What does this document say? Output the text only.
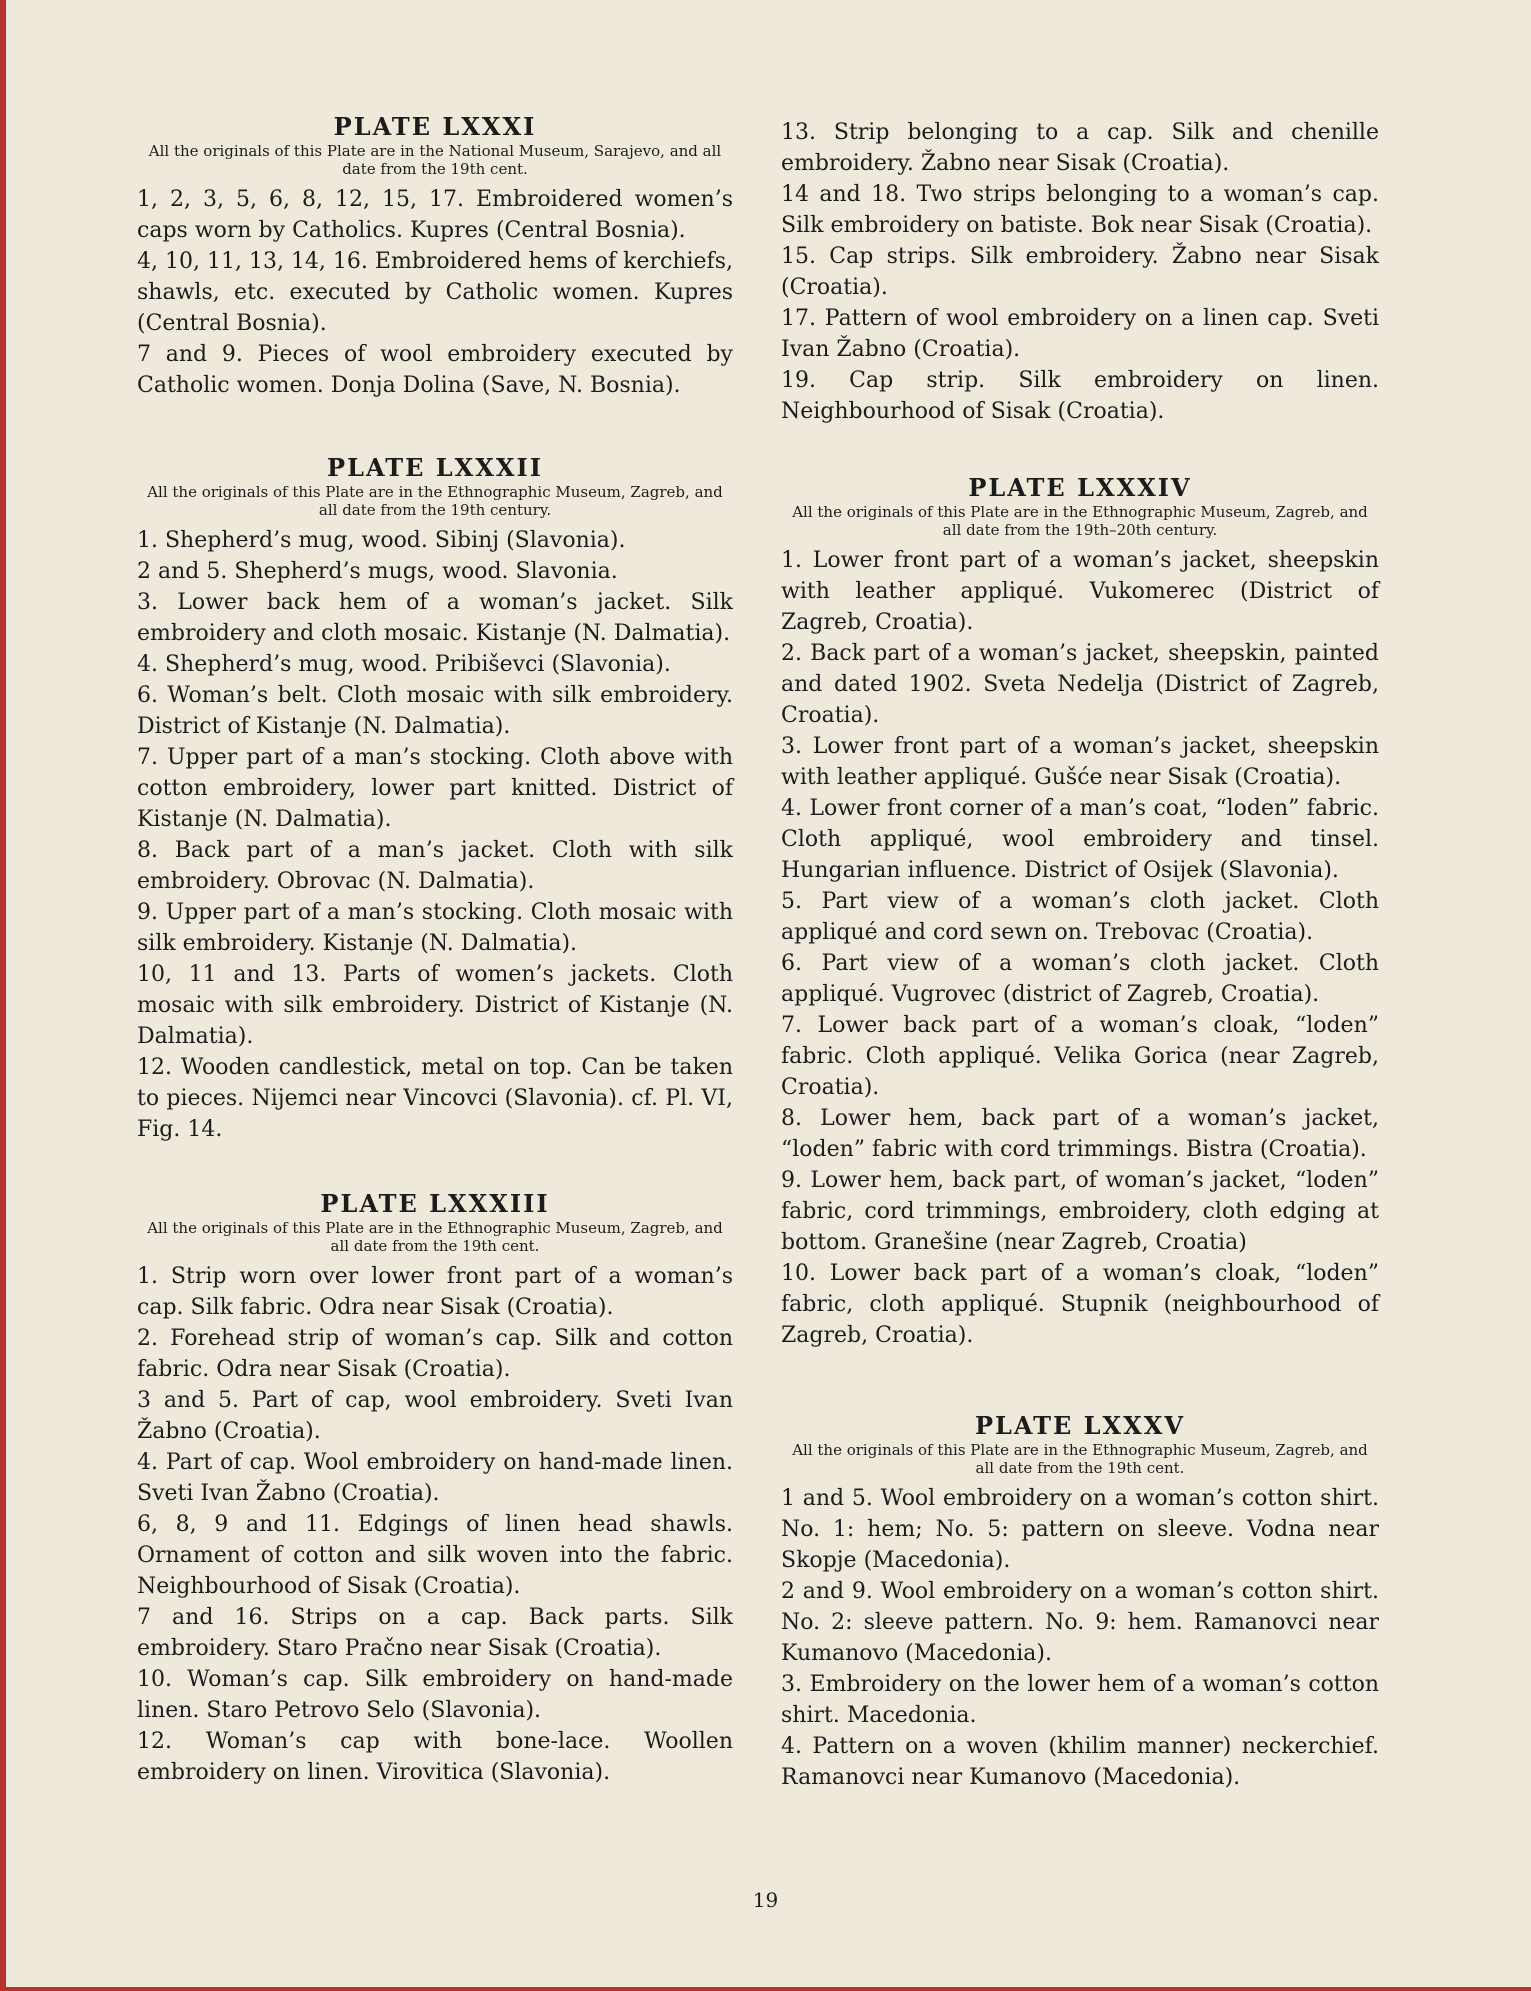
PLATE LXXXI

All the originals of this Plate are in the National Museum, Sarajevo, and all date from the 19th cent.

1, 2, 3, 5, 6, 8, 12, 15, 17. Embroidered women’s caps worn by Catholics. Kupres (Central Bosnia).

4, 10, 11, 13, 14, 16. Embroidered hems of kerchiefs, shawls, etc. executed by Catholic women. Kupres (Central Bosnia).

7 and 9. Pieces of wool embroidery executed by Catholic women. Donja Dolina (Save, N. Bosnia).

PLATE LXXXII

All the originals of this Plate are in the Ethnographic Museum, Zagreb, and all date from the 19th century.

1. Shepherd’s mug, wood. Sibinj (Slavonia).

2 and 5. Shepherd’s mugs, wood. Slavonia.

3. Lower back hem of a woman’s jacket. Silk embroidery and cloth mosaic. Kistanje (N. Dalmatia).

4. Shepherd’s mug, wood. Pribiševci (Slavonia).

6. Woman’s belt. Cloth mosaic with silk embroidery. District of Kistanje (N. Dalmatia).

7. Upper part of a man’s stocking. Cloth above with cotton embroidery, lower part knitted. District of Kistanje (N. Dalmatia).

8. Back part of a man’s jacket. Cloth with silk embroidery. Obrovac (N. Dalmatia).

9. Upper part of a man’s stocking. Cloth mosaic with silk embroidery. Kistanje (N. Dalmatia).

10, 11 and 13. Parts of women’s jackets. Cloth mosaic with silk embroidery. District of Kistanje (N. Dalmatia).

12. Wooden candlestick, metal on top. Can be taken to pieces. Nijemci near Vincovci (Slavonia). cf. Pl. VI, Fig. 14.

PLATE LXXXIII

All the originals of this Plate are in the Ethnographic Museum, Zagreb, and all date from the 19th cent.

1. Strip worn over lower front part of a woman’s cap. Silk fabric. Odra near Sisak (Croatia).

2. Forehead strip of woman’s cap. Silk and cotton fabric. Odra near Sisak (Croatia).

3 and 5. Part of cap, wool embroidery. Sveti Ivan Žabno (Croatia).

4. Part of cap. Wool embroidery on hand-made linen. Sveti Ivan Žabno (Croatia).

6, 8, 9 and 11. Edgings of linen head shawls. Ornament of cotton and silk woven into the fabric. Neighbourhood of Sisak (Croatia).

7 and 16. Strips on a cap. Back parts. Silk embroidery. Staro Pračno near Sisak (Croatia).

10. Woman’s cap. Silk embroidery on hand-made linen. Staro Petrovo Selo (Slavonia).

12. Woman’s cap with bone-lace. Woollen embroidery on linen. Virovitica (Slavonia).

13. Strip belonging to a cap. Silk and chenille embroidery. Žabno near Sisak (Croatia).

14 and 18. Two strips belonging to a woman’s cap. Silk embroidery on batiste. Bok near Sisak (Croatia).

15. Cap strips. Silk embroidery. Žabno near Sisak (Croatia).

17. Pattern of wool embroidery on a linen cap. Sveti Ivan Žabno (Croatia).

19. Cap strip. Silk embroidery on linen. Neighbourhood of Sisak (Croatia).

PLATE LXXXIV

All the originals of this Plate are in the Ethnographic Museum, Zagreb, and all date from the 19th–20th century.

1. Lower front part of a woman’s jacket, sheepskin with leather appliqué. Vukomerec (District of Zagreb, Croatia).

2. Back part of a woman’s jacket, sheepskin, painted and dated 1902. Sveta Nedelja (District of Zagreb, Croatia).

3. Lower front part of a woman’s jacket, sheepskin with leather appliqué. Gušće near Sisak (Croatia).

4. Lower front corner of a man’s coat, “loden” fabric. Cloth appliqué, wool embroidery and tinsel. Hungarian influence. District of Osijek (Slavonia).

5. Part view of a woman’s cloth jacket. Cloth appliqué and cord sewn on. Trebovac (Croatia).

6. Part view of a woman’s cloth jacket. Cloth appliqué. Vugrovec (district of Zagreb, Croatia).

7. Lower back part of a woman’s cloak, “loden” fabric. Cloth appliqué. Velika Gorica (near Zagreb, Croatia).

8. Lower hem, back part of a woman’s jacket, “loden” fabric with cord trimmings. Bistra (Croatia).

9. Lower hem, back part, of woman’s jacket, “loden” fabric, cord trimmings, embroidery, cloth edging at bottom. Granešine (near Zagreb, Croatia)

10. Lower back part of a woman’s cloak, “loden” fabric, cloth appliqué. Stupnik (neighbourhood of Zagreb, Croatia).

PLATE LXXXV

All the originals of this Plate are in the Ethnographic Museum, Zagreb, and all date from the 19th cent.

1 and 5. Wool embroidery on a woman’s cotton shirt. No. 1: hem; No. 5: pattern on sleeve. Vodna near Skopje (Macedonia).

2 and 9. Wool embroidery on a woman’s cotton shirt. No. 2: sleeve pattern. No. 9: hem. Ramanovci near Kumanovo (Macedonia).

3. Embroidery on the lower hem of a woman’s cotton shirt. Macedonia.

4. Pattern on a woven (khilim manner) neckerchief. Ramanovci near Kumanovo (Macedonia).

19
